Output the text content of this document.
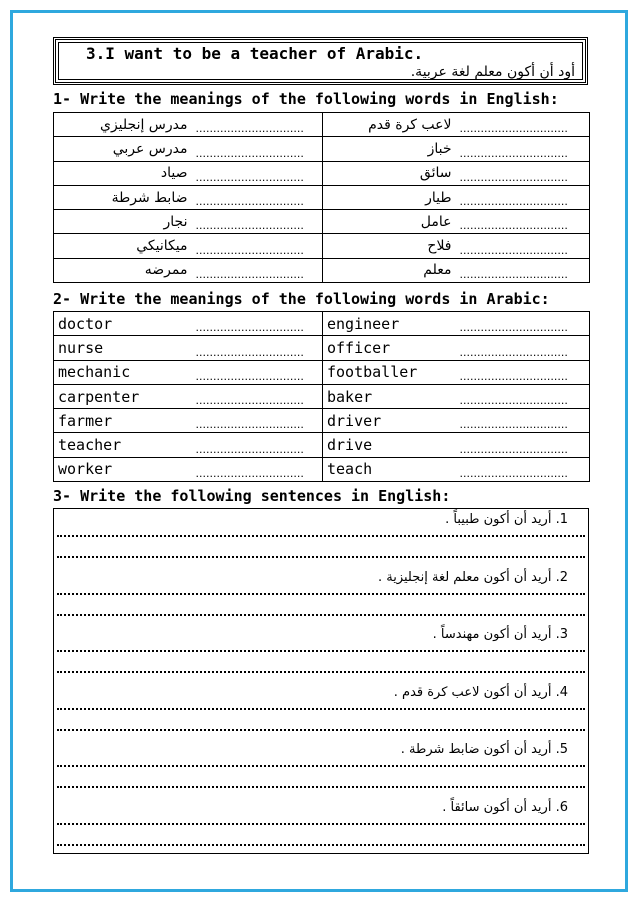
3.I want to be a teacher of Arabic.
أود أن أكون معلم لغة عربية.
1- Write the meanings of the following words in English:
مدرس إنجليزي	...............................	لاعب كرة قدم	...............................
مدرس عربي	...............................	خباز	...............................
صياد	...............................	سائق	...............................
ضابط شرطة	...............................	طيار	...............................
نجار	...............................	عامل	...............................
ميكانيكي	...............................	فلاح	...............................
ممرضه	...............................	معلم	...............................
2- Write the meanings of the following words in Arabic:
doctor	...............................	engineer	...............................
nurse	...............................	officer	...............................
mechanic	...............................	footballer	...............................
carpenter	...............................	baker	...............................
farmer	...............................	driver	...............................
teacher	...............................	drive	...............................
worker	...............................	teach	...............................
3- Write the following sentences in English:
1. أريد أن أكون طبيباً .
2. أريد أن أكون معلم لغة إنجليزية .
3. أريد أن أكون مهندساً .
4. أريد أن أكون لاعب كرة قدم .
5. أريد أن أكون ضابط شرطة .
6. أريد أن أكون سائقاً .
